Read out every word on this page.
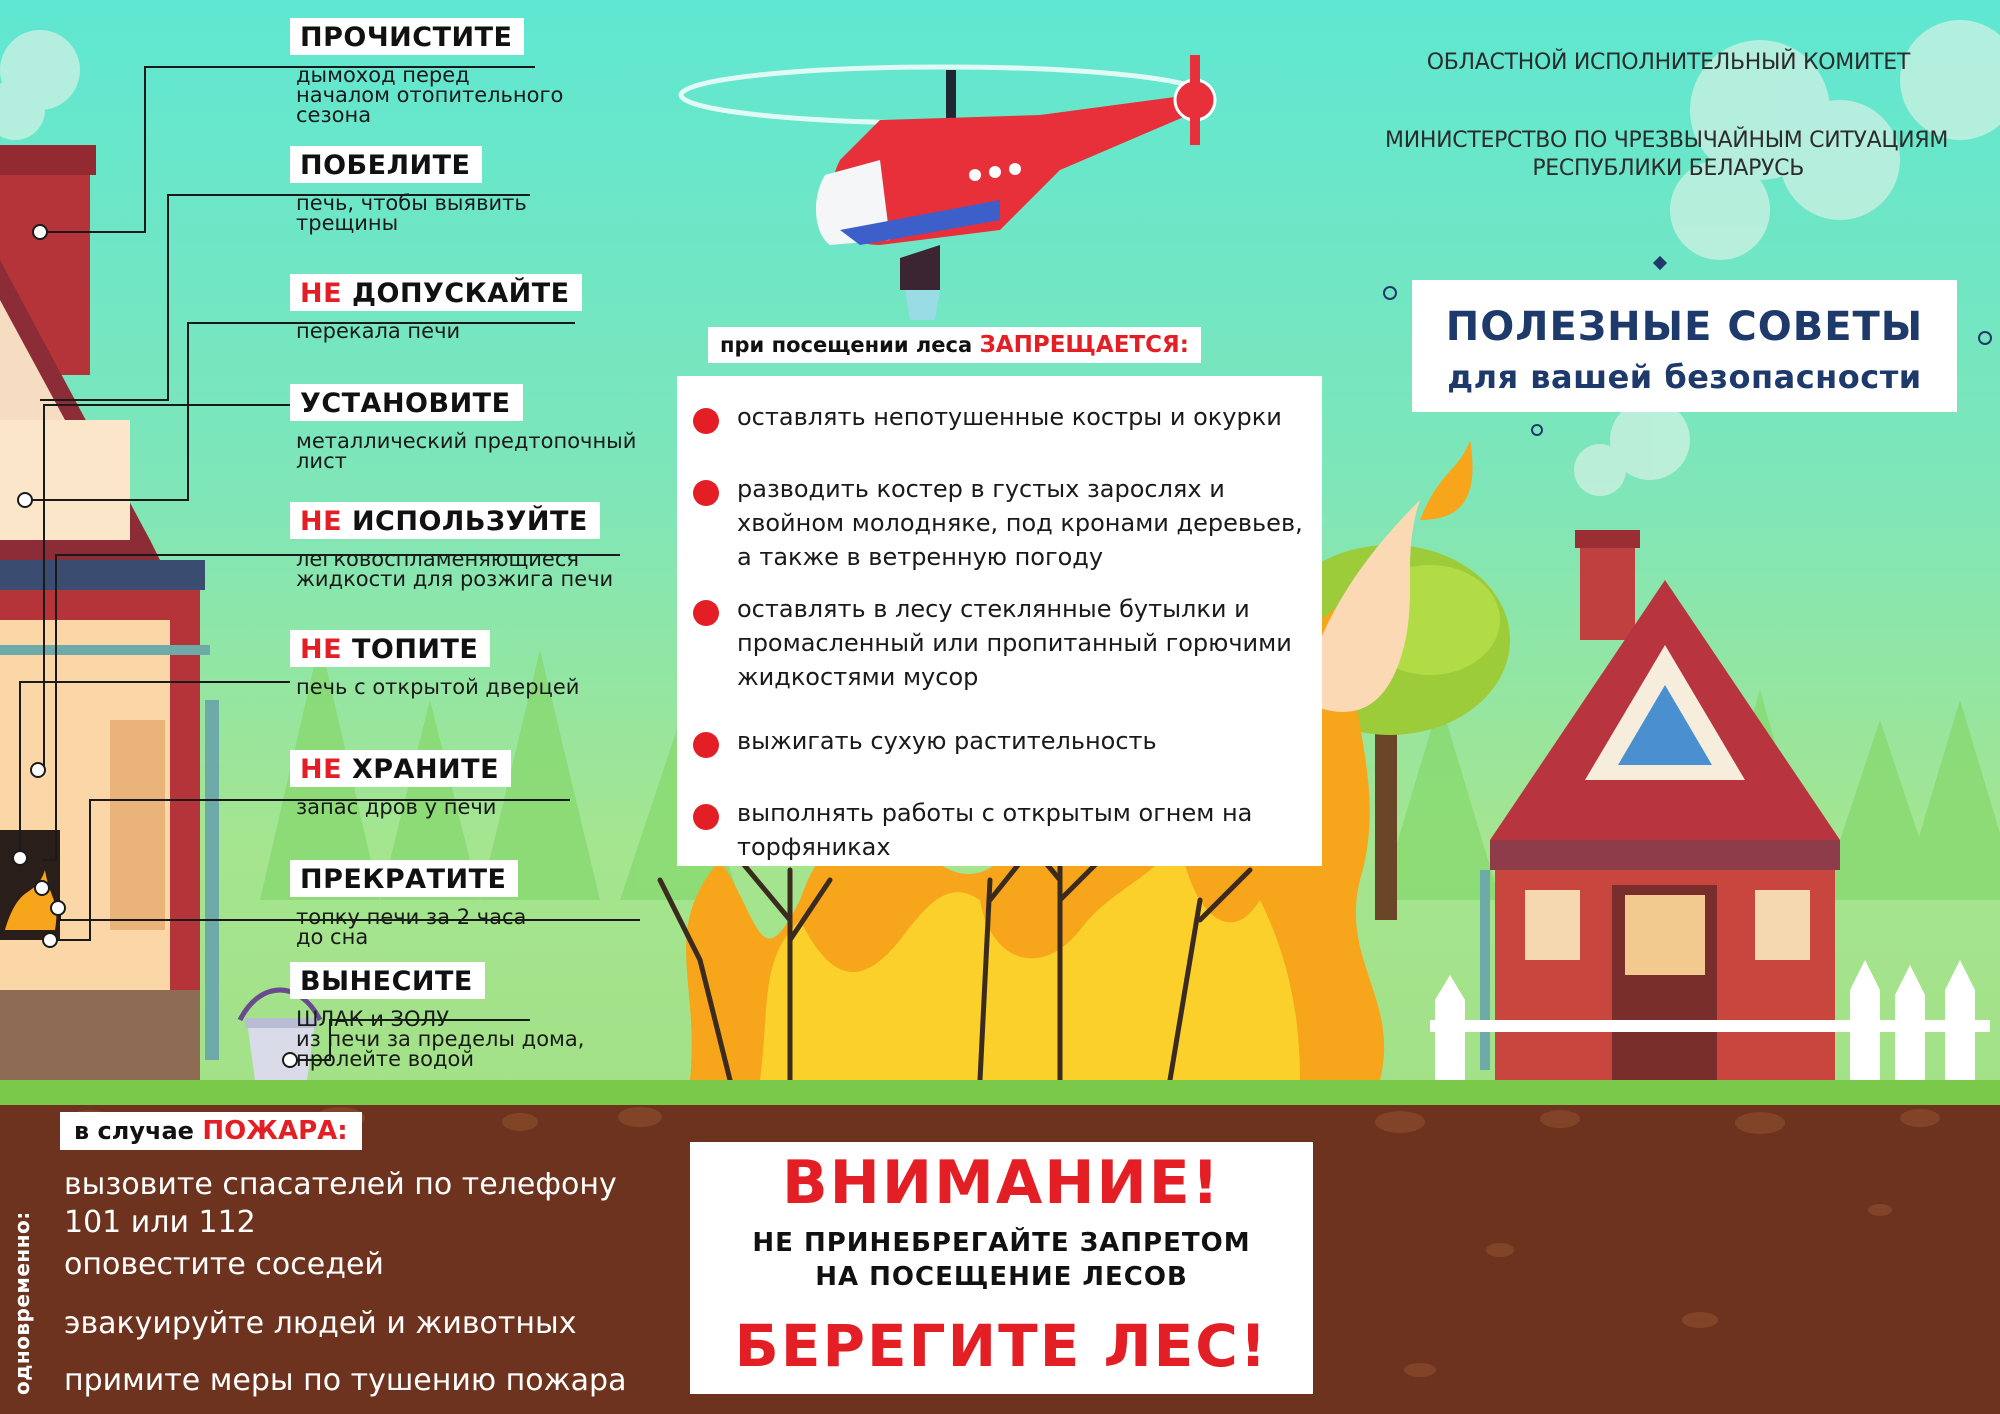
ОБЛАСТНОЙ ИСПОЛНИТЕЛЬНЫЙ КОМИТЕТ
МИНИСТЕРСТВО ПО ЧРЕЗВЫЧАЙНЫМ СИТУАЦИЯМ
РЕСПУБЛИКИ БЕЛАРУСЬ
ПОЛЕЗНЫЕ СОВЕТЫ
для вашей безопасности
ПРОЧИСТИТЕ
дымоход перед
началом отопительного
сезона
ПОБЕЛИТЕ
печь, чтобы выявить
трещины
НЕ ДОПУСКАЙТЕ
перекала печи
УСТАНОВИТЕ
металлический предтопочный
лист
НЕ ИСПОЛЬЗУЙТЕ
легковоспламеняющиеся
жидкости для розжига печи
НЕ ТОПИТЕ
печь с открытой дверцей
НЕ ХРАНИТЕ
запас дров у печи
ПРЕКРАТИТЕ
топку печи за 2 часа
до сна
ВЫНЕСИТЕ
ШЛАК и ЗОЛУ
из печи за пределы дома,
пролейте водой
при посещении леса ЗАПРЕЩАЕТСЯ:
оставлять непотушенные костры и окурки
разводить костер в густых зарослях и хвойном молодняке, под кронами деревьев, а также в ветренную погоду
оставлять в лесу стеклянные бутылки и промасленный или пропитанный горючими жидкостями мусор
выжигать сухую растительность
выполнять работы с открытым огнем на торфяниках
в случае ПОЖАРА:
одновременно:
вызовите спасателей по телефону
101 или 112
оповестите соседей
эвакуируйте людей и животных
примите меры по тушению пожара
ВНИМАНИЕ!
НЕ ПРИНЕБРЕГАЙТЕ ЗАПРЕТОМ
НА ПОСЕЩЕНИЕ ЛЕСОВ
БЕРЕГИТЕ ЛЕС!
